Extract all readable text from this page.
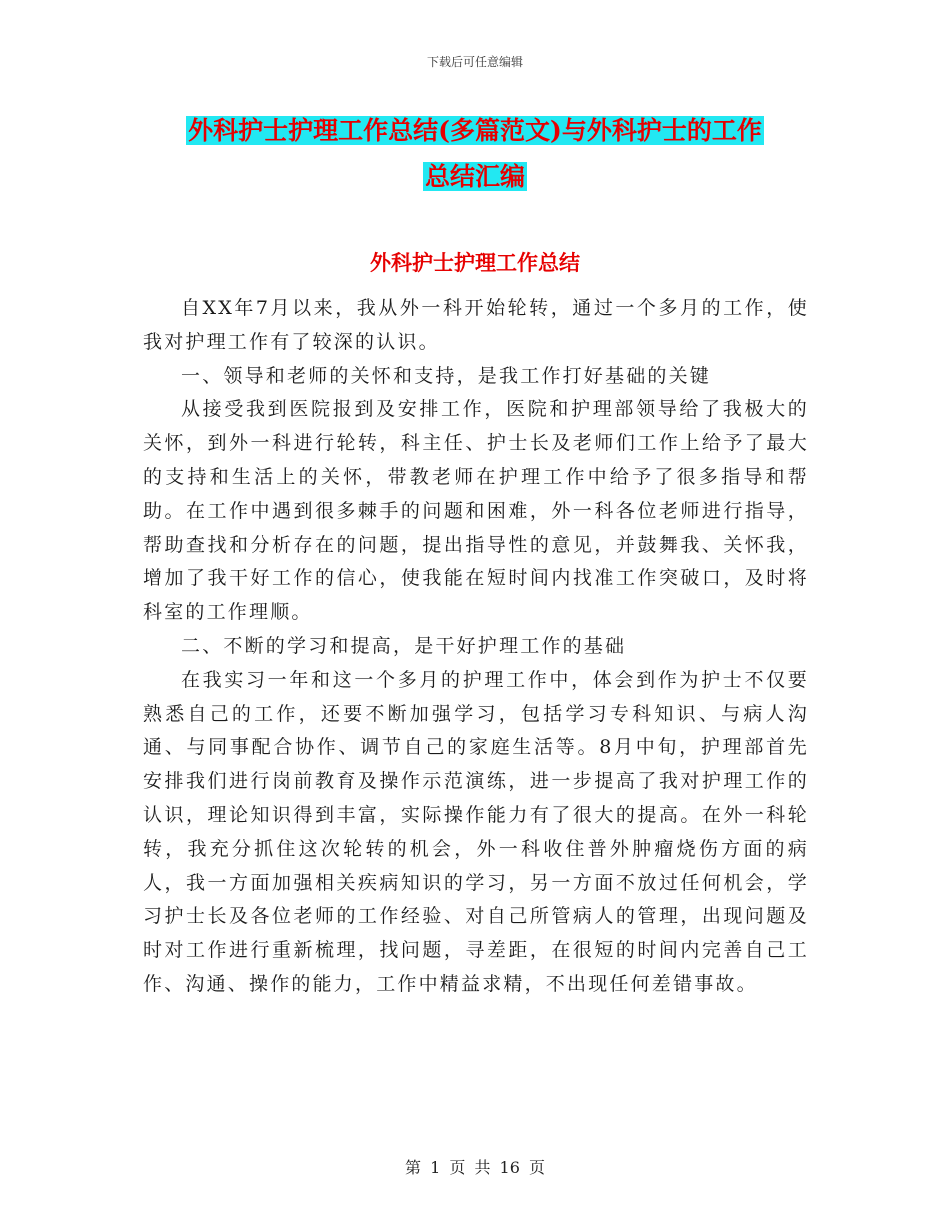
下载后可任意编辑
外科护士护理工作总结(多篇范文)与外科护士的工作
总结汇编
外科护士护理工作总结

自XX年7月以来，我从外一科开始轮转，通过一个多月的工作，使我对护理工作有了较深的认识。

一、领导和老师的关怀和支持，是我工作打好基础的关键

从接受我到医院报到及安排工作，医院和护理部领导给了我极大的关怀，到外一科进行轮转，科主任、护士长及老师们工作上给予了最大的支持和生活上的关怀，带教老师在护理工作中给予了很多指导和帮助。在工作中遇到很多棘手的问题和困难，外一科各位老师进行指导，帮助查找和分析存在的问题，提出指导性的意见，并鼓舞我、关怀我，增加了我干好工作的信心，使我能在短时间内找准工作突破口，及时将科室的工作理顺。

二、不断的学习和提高，是干好护理工作的基础

在我实习一年和这一个多月的护理工作中，体会到作为护士不仅要熟悉自己的工作，还要不断加强学习，包括学习专科知识、与病人沟通、与同事配合协作、调节自己的家庭生活等。8月中旬，护理部首先安排我们进行岗前教育及操作示范演练，进一步提高了我对护理工作的认识，理论知识得到丰富，实际操作能力有了很大的提高。在外一科轮转，我充分抓住这次轮转的机会，外一科收住普外肿瘤烧伤方面的病人，我一方面加强相关疾病知识的学习，另一方面不放过任何机会，学习护士长及各位老师的工作经验、对自己所管病人的管理，出现问题及时对工作进行重新梳理，找问题，寻差距，在很短的时间内完善自己工作、沟通、操作的能力，工作中精益求精，不出现任何差错事故。

第 1 页 共 16 页
